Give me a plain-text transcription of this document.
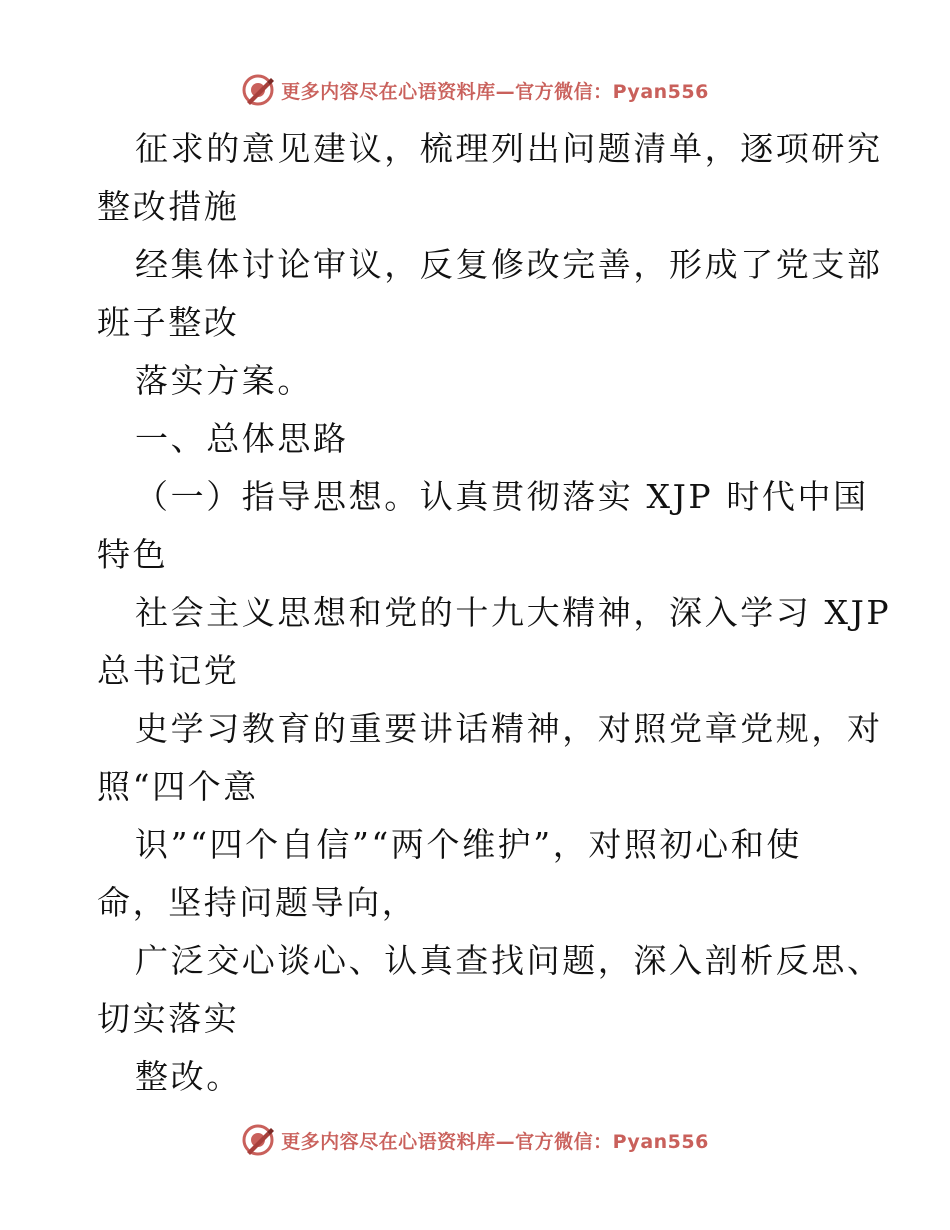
更多内容尽在心语资料库—官方微信：Pyan556
征求的意见建议，梳理列出问题清单，逐项研究
整改措施
经集体讨论审议，反复修改完善，形成了党支部
班子整改
落实方案。
一、总体思路
（一）指导思想。认真贯彻落实 XJP 时代中国
特色
社会主义思想和党的十九大精神，深入学习 XJP
总书记党
史学习教育的重要讲话精神，对照党章党规，对
照“四个意
识”“四个自信”“两个维护”，对照初心和使
命，坚持问题导向，
广泛交心谈心、认真查找问题，深入剖析反思、
切实落实
整改。
更多内容尽在心语资料库—官方微信：Pyan556
